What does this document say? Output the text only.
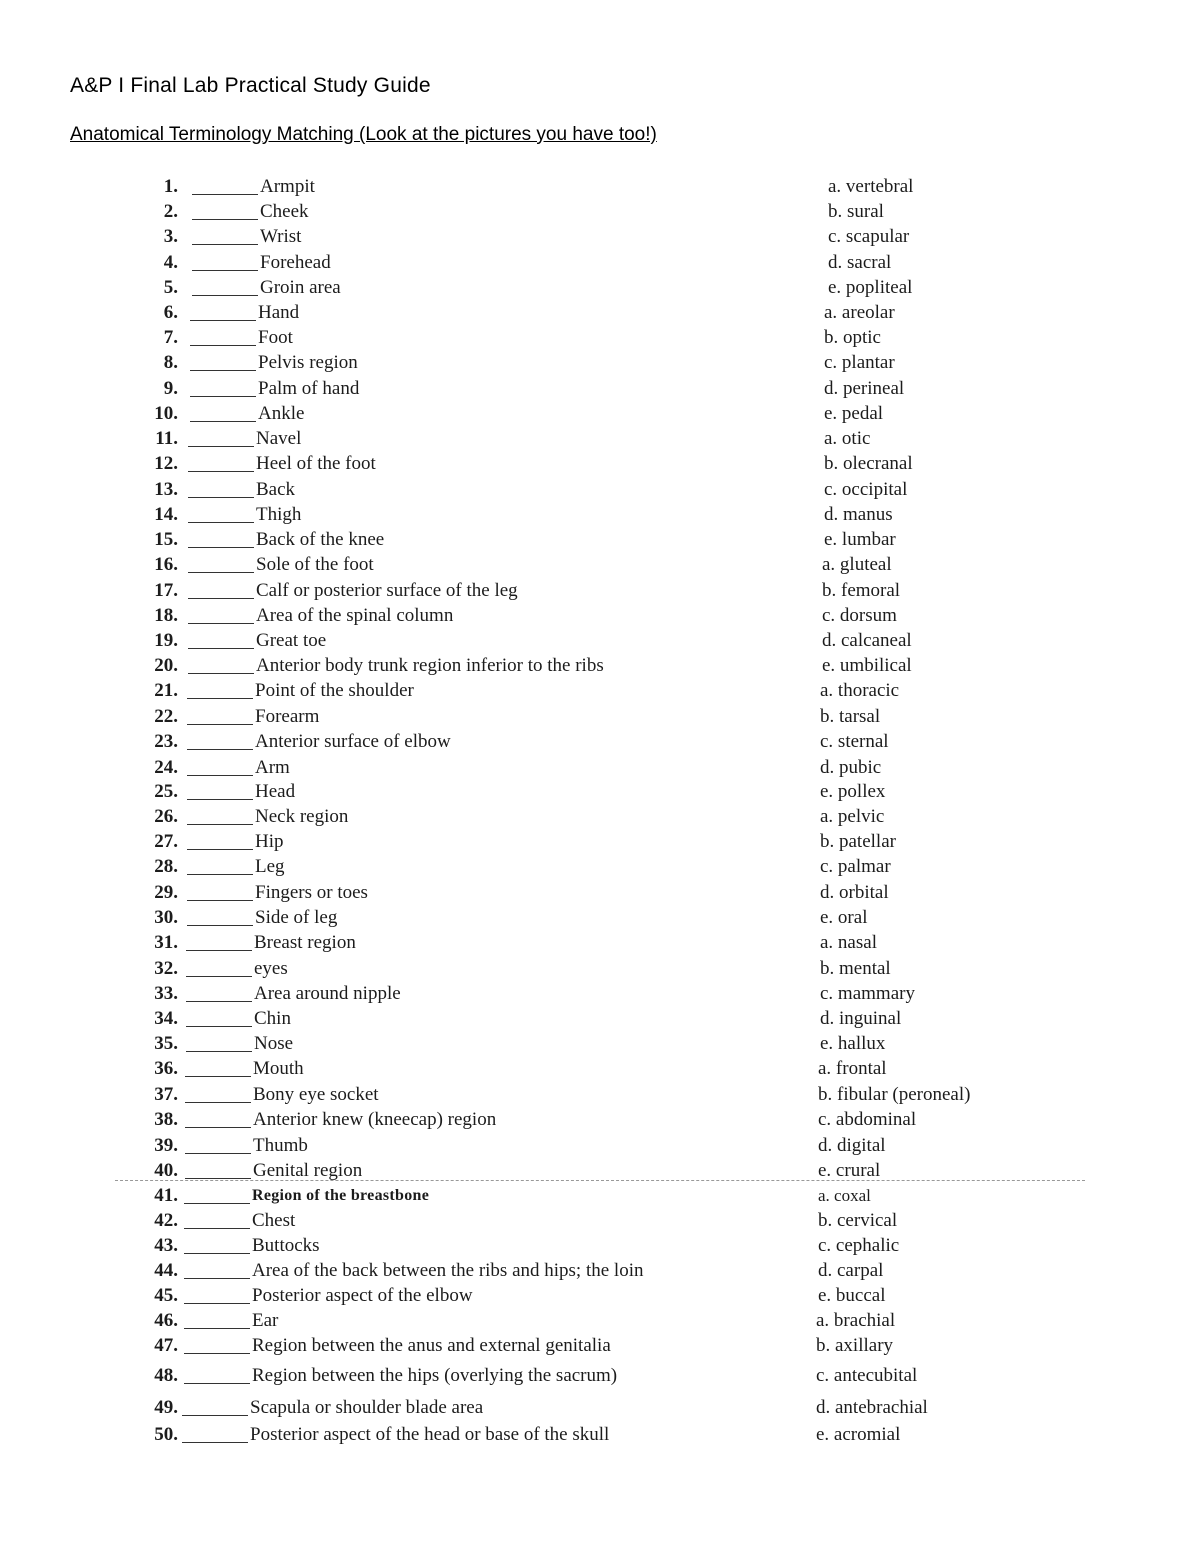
A&P I Final Lab Practical Study Guide
Anatomical Terminology Matching (Look at the pictures you have too!)
1.	Armpit	a. vertebral
2.	Cheek	b. sural
3.	Wrist	c. scapular
4.	Forehead	d. sacral
5.	Groin area	e. popliteal
6.	Hand	a. areolar
7.	Foot	b. optic
8.	Pelvis region	c. plantar
9.	Palm of hand	d. perineal
10.	Ankle	e. pedal
11.	Navel	a. otic
12.	Heel of the foot	b. olecranal
13.	Back	c. occipital
14.	Thigh	d. manus
15.	Back of the knee	e. lumbar
16.	Sole of the foot	a. gluteal
17.	Calf or posterior surface of the leg	b. femoral
18.	Area of the spinal column	c. dorsum
19.	Great toe	d. calcaneal
20.	Anterior body trunk region inferior to the ribs	e. umbilical
21.	Point of the shoulder	a. thoracic
22.	Forearm	b. tarsal
23.	Anterior surface of elbow	c. sternal
24.	Arm	d. pubic
25.	Head	e. pollex
26.	Neck region	a. pelvic
27.	Hip	b. patellar
28.	Leg	c. palmar
29.	Fingers or toes	d. orbital
30.	Side of leg	e. oral
31.	Breast region	a. nasal
32.	eyes	b. mental
33.	Area around nipple	c. mammary
34.	Chin	d. inguinal
35.	Nose	e. hallux
36.	Mouth	a. frontal
37.	Bony eye socket	b. fibular (peroneal)
38.	Anterior knew (kneecap) region	c. abdominal
39.	Thumb	d. digital
40.	Genital region	e. crural
41.	Region of the breastbone	a. coxal
42.	Chest	b. cervical
43.	Buttocks	c. cephalic
44.	Area of the back between the ribs and hips; the loin	d. carpal
45.	Posterior aspect of the elbow	e. buccal
46.	Ear	a. brachial
47.	Region between the anus and external genitalia	b. axillary
48.	Region between the hips (overlying the sacrum)	c. antecubital
49.	Scapula or shoulder blade area	d. antebrachial
50.	Posterior aspect of the head or base of the skull	e. acromial
